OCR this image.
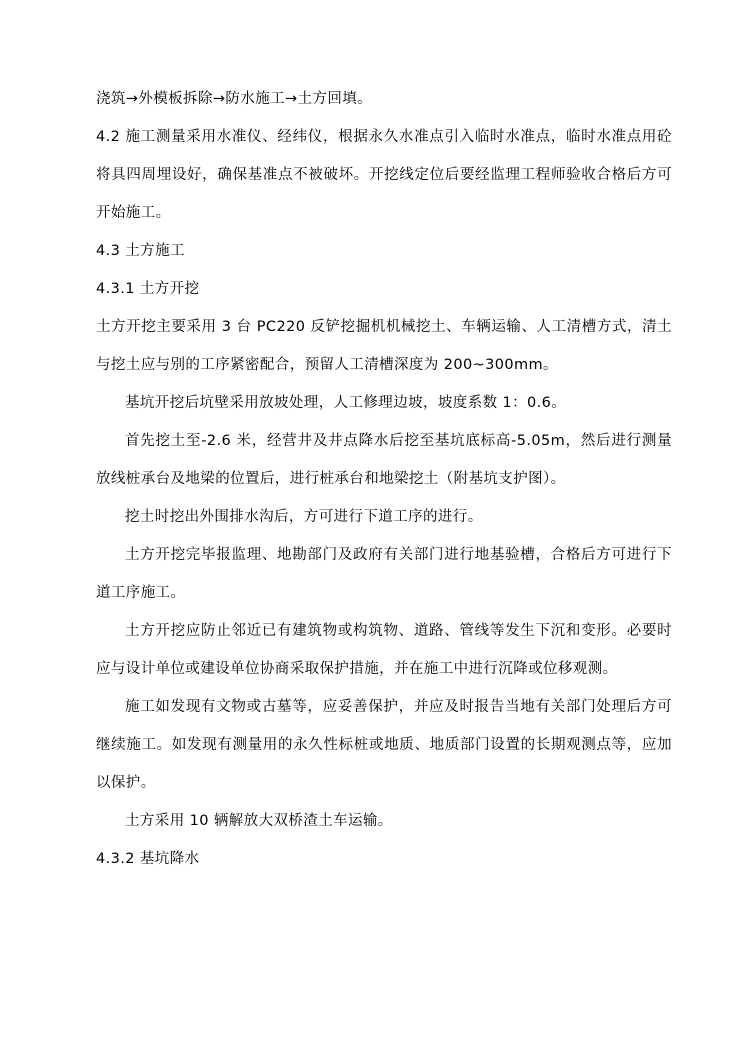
浇筑→外模板拆除→防水施工→土方回填。

4.2 施工测量采用水准仪、经纬仪，根据永久水准点引入临时水准点，临时水准点用砼将具四周埋设好，确保基准点不被破坏。开挖线定位后要经监理工程师验收合格后方可开始施工。

4.3 土方施工

4.3.1 土方开挖

土方开挖主要采用 3 台 PC220 反铲挖掘机机械挖土、车辆运输、人工清槽方式，清土与挖土应与别的工序紧密配合，预留人工清槽深度为 200~300mm。

基坑开挖后坑壁采用放坡处理，人工修理边坡，坡度系数 1：0.6。

首先挖土至-2.6 米，经营井及井点降水后挖至基坑底标高-5.05m，然后进行测量放线桩承台及地梁的位置后，进行桩承台和地梁挖土（附基坑支护图）。

挖土时挖出外围排水沟后，方可进行下道工序的进行。

土方开挖完毕报监理、地勘部门及政府有关部门进行地基验槽，合格后方可进行下道工序施工。

土方开挖应防止邻近已有建筑物或构筑物、道路、管线等发生下沉和变形。必要时应与设计单位或建设单位协商采取保护措施，并在施工中进行沉降或位移观测。

施工如发现有文物或古墓等，应妥善保护，并应及时报告当地有关部门处理后方可继续施工。如发现有测量用的永久性标桩或地质、地质部门设置的长期观测点等，应加以保护。

土方采用 10 辆解放大双桥渣土车运输。

4.3.2 基坑降水
